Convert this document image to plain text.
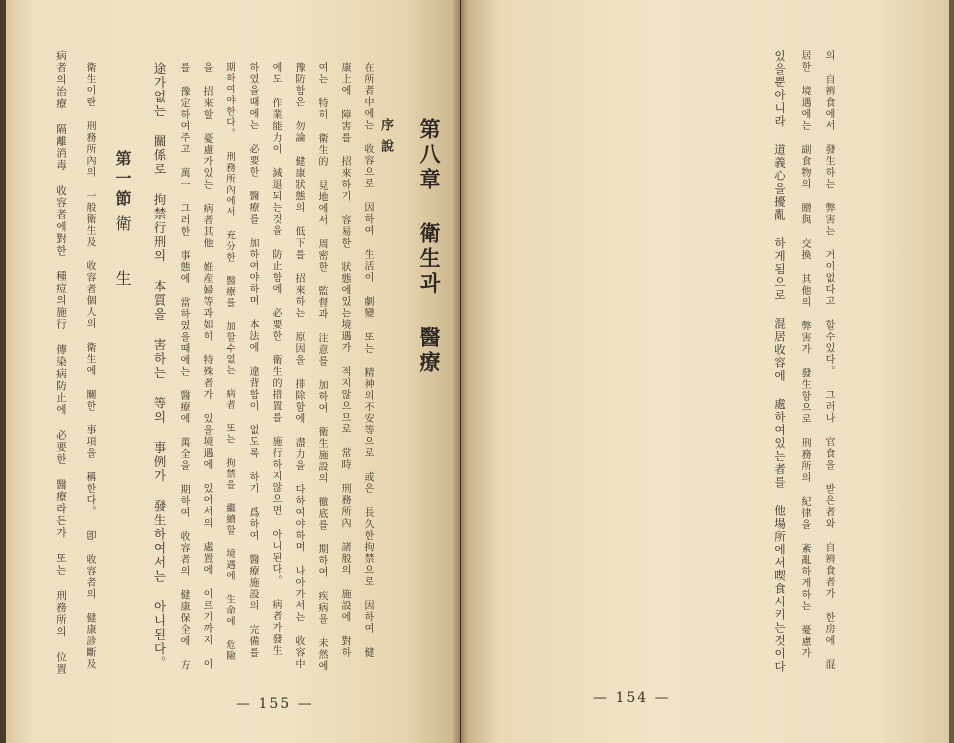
第八章 衛生과 醫療
序說
在所者中에는 收容으로 因하여 生活이 劇變 또는 精神의不安等으로 或은 長久한拘禁으로 因하여 健
康上에 障害를 招來하기 容易한 狀態에있는境遇가 적지않으므로 常時 刑務所內 諸般의 施設에 對하
여는 特히 衛生的 見地에서 周密한 監督과 注意를 加하여 衛生施設의 徹底를 期하여 疾病을 未然에
豫防함은 勿論 健康狀態의 低下를 招來하는 原因을 排除함에 盡力을 다하여야하며 나아가서는 收容中
에도 作業能力이 減退되는것을 防止함에 必要한 衛生的措置를 施行하지않으면 아니된다。 病者가發生
하였을때에는 必要한 醫療를 加하여야하며 本法에 違背함이 없도록 하기 爲하여 醫療施設의 完備를
期하여야한다。 刑務所內에서 充分한 醫療를 加할수없는 病者 또는 拘禁을 繼續할 境遇에 生命에 危險
을 招來할 憂慮가있는 病者其他 姙産婦等과如히 特殊者가 있을境遇에 있어서의 處置에 이르기까지 이
를 豫定하여주고 萬一 그러한 事態에 當하였을때에는 醫療에 萬全을 期하여 收容者의 健康保全에 方
途가없는 關係로 拘禁行刑의 本質을 害하는 等의 事例가 發生하여서는 아니된다。
第一節
衛 生
衛生이란 刑務所內의 一般衛生及 收容者個人의 衛生에 關한 事項을 稱한다。 卽 收容者의 健康診斷及
病者의治療 隔離消毒 收容者에對한 種痘의施行 傳染病防止에 必要한 醫療라든가 또는 刑務所의 位置
— 155 —
의 自辨食에서 發生하는 弊害는 거이없다고 할수있다。 그러나 官食을 받은者와 自辨食者가 한房에 混
居한 境遇에는 副食物의 贈與 交換 其他의 弊害가 發生함으로 刑務所의 紀律을 紊亂하게하는 憂慮가
있을뿐아니라 道義心을擾亂 하게됨으로 混居收容에 處하여있는者를 他場所에서喫食시키는것이다
— 154 —
